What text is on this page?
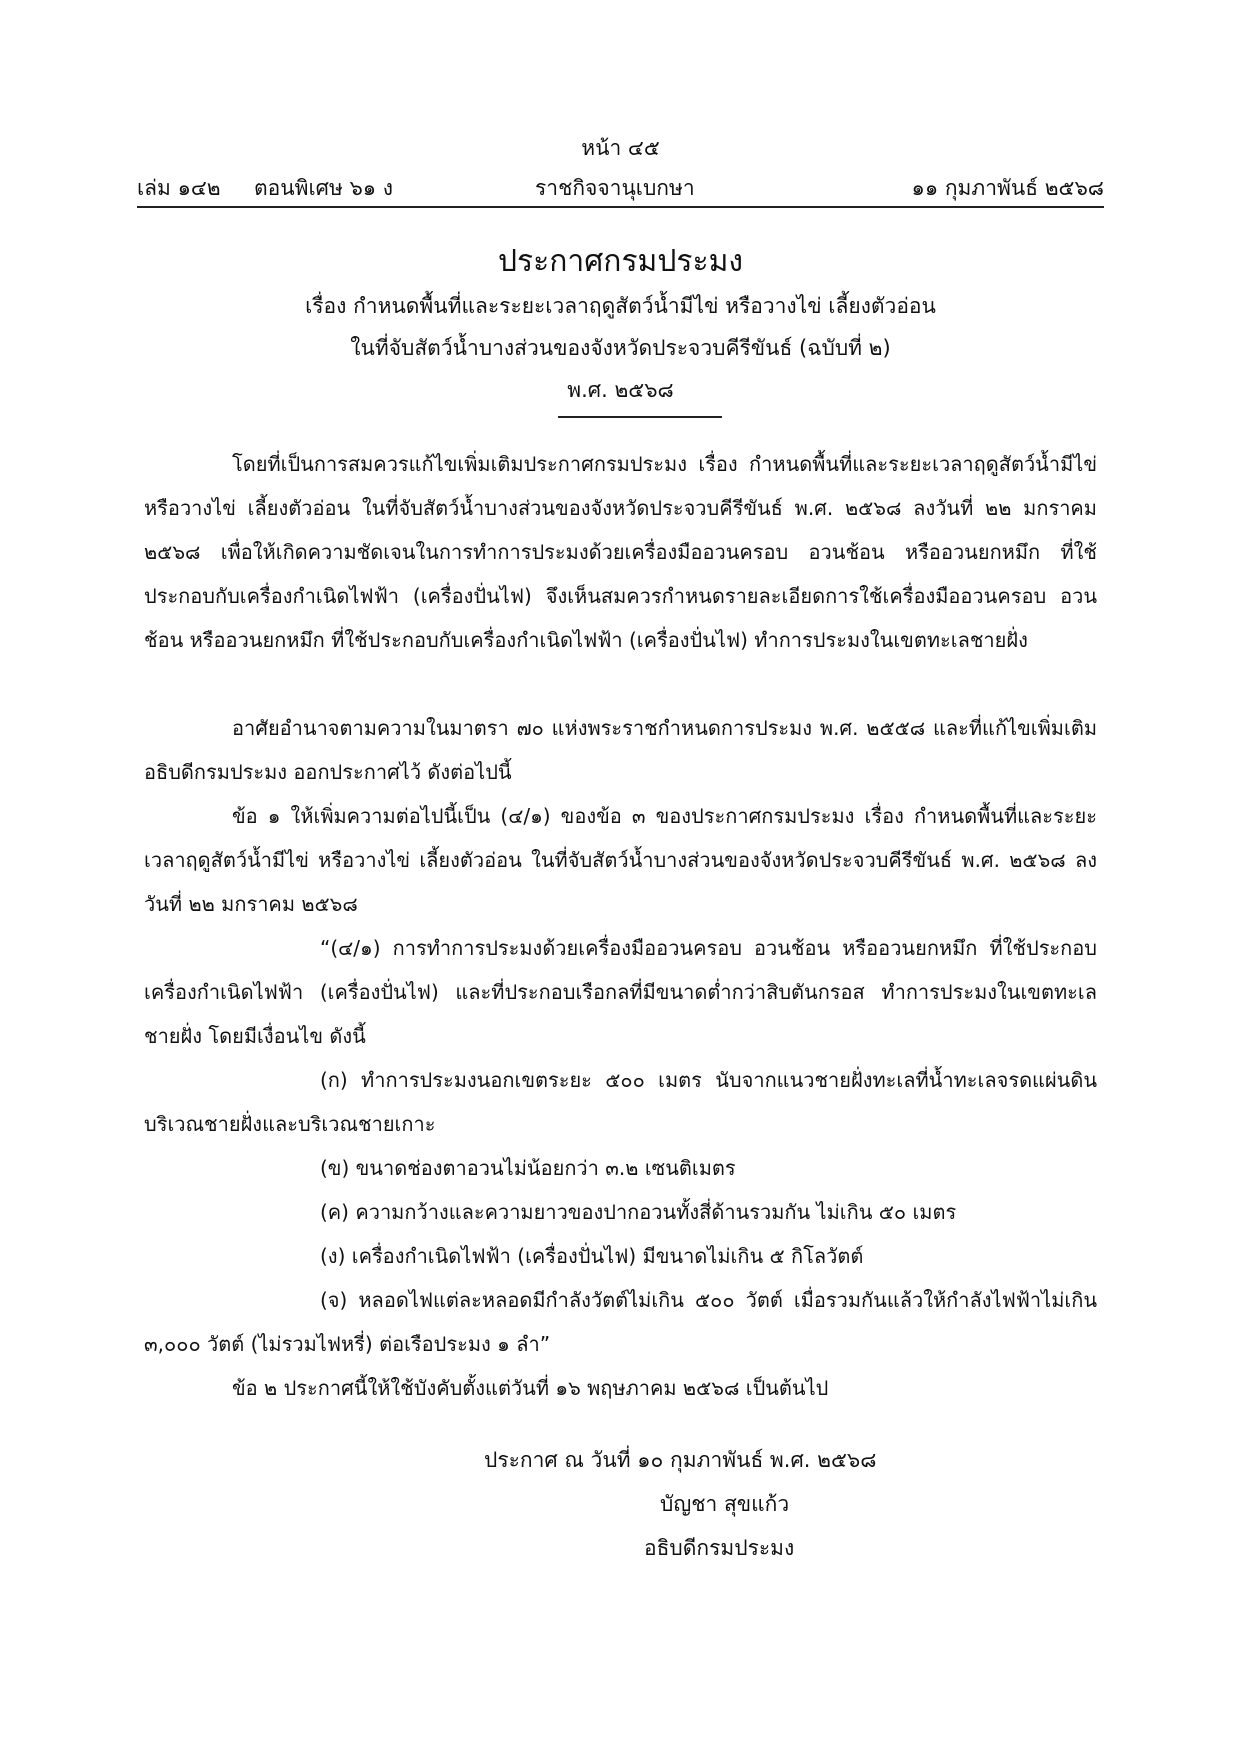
หน้า ๔๕
เล่ม ๑๔๒ ตอนพิเศษ ๖๑ ง	ราชกิจจานุเบกษา	๑๑ กุมภาพันธ์ ๒๕๖๘
ประกาศกรมประมง
เรื่อง กำหนดพื้นที่และระยะเวลาฤดูสัตว์น้ำมีไข่ หรือวางไข่ เลี้ยงตัวอ่อน
ในที่จับสัตว์น้ำบางส่วนของจังหวัดประจวบคีรีขันธ์ (ฉบับที่ ๒)
พ.ศ. ๒๕๖๘
โดยที่เป็นการสมควรแก้ไขเพิ่มเติมประกาศกรมประมง เรื่อง กำหนดพื้นที่และระยะเวลาฤดูสัตว์น้ำมีไข่ หรือวางไข่ เลี้ยงตัวอ่อน ในที่จับสัตว์น้ำบางส่วนของจังหวัดประจวบคีรีขันธ์ พ.ศ. ๒๕๖๘ ลงวันที่ ๒๒ มกราคม ๒๕๖๘ เพื่อให้เกิดความชัดเจนในการทำการประมงด้วยเครื่องมืออวนครอบ อวนช้อน หรืออวนยกหมึก ที่ใช้ประกอบกับเครื่องกำเนิดไฟฟ้า (เครื่องปั่นไฟ) จึงเห็นสมควรกำหนดรายละเอียดการใช้เครื่องมืออวนครอบ อวนช้อน หรืออวนยกหมึก ที่ใช้ประกอบกับเครื่องกำเนิดไฟฟ้า (เครื่องปั่นไฟ) ทำการประมงในเขตทะเลชายฝั่ง
อาศัยอำนาจตามความในมาตรา ๗๐ แห่งพระราชกำหนดการประมง พ.ศ. ๒๕๕๘ และที่แก้ไขเพิ่มเติม อธิบดีกรมประมง ออกประกาศไว้ ดังต่อไปนี้
ข้อ ๑ ให้เพิ่มความต่อไปนี้เป็น (๔/๑) ของข้อ ๓ ของประกาศกรมประมง เรื่อง กำหนดพื้นที่และระยะเวลาฤดูสัตว์น้ำมีไข่ หรือวางไข่ เลี้ยงตัวอ่อน ในที่จับสัตว์น้ำบางส่วนของจังหวัดประจวบคีรีขันธ์ พ.ศ. ๒๕๖๘ ลงวันที่ ๒๒ มกราคม ๒๕๖๘
“(๔/๑) การทำการประมงด้วยเครื่องมืออวนครอบ อวนช้อน หรืออวนยกหมึก ที่ใช้ประกอบเครื่องกำเนิดไฟฟ้า (เครื่องปั่นไฟ) และที่ประกอบเรือกลที่มีขนาดต่ำกว่าสิบตันกรอส ทำการประมงในเขตทะเลชายฝั่ง โดยมีเงื่อนไข ดังนี้
(ก) ทำการประมงนอกเขตระยะ ๕๐๐ เมตร นับจากแนวชายฝั่งทะเลที่น้ำทะเลจรดแผ่นดินบริเวณชายฝั่งและบริเวณชายเกาะ
(ข) ขนาดช่องตาอวนไม่น้อยกว่า ๓.๒ เซนติเมตร
(ค) ความกว้างและความยาวของปากอวนทั้งสี่ด้านรวมกัน ไม่เกิน ๕๐ เมตร
(ง) เครื่องกำเนิดไฟฟ้า (เครื่องปั่นไฟ) มีขนาดไม่เกิน ๕ กิโลวัตต์
(จ) หลอดไฟแต่ละหลอดมีกำลังวัตต์ไม่เกิน ๕๐๐ วัตต์ เมื่อรวมกันแล้วให้กำลังไฟฟ้าไม่เกิน ๓,๐๐๐ วัตต์ (ไม่รวมไฟหรี่) ต่อเรือประมง ๑ ลำ”
ข้อ ๒ ประกาศนี้ให้ใช้บังคับตั้งแต่วันที่ ๑๖ พฤษภาคม ๒๕๖๘ เป็นต้นไป
ประกาศ ณ วันที่ ๑๐ กุมภาพันธ์ พ.ศ. ๒๕๖๘
บัญชา สุขแก้ว
อธิบดีกรมประมง
